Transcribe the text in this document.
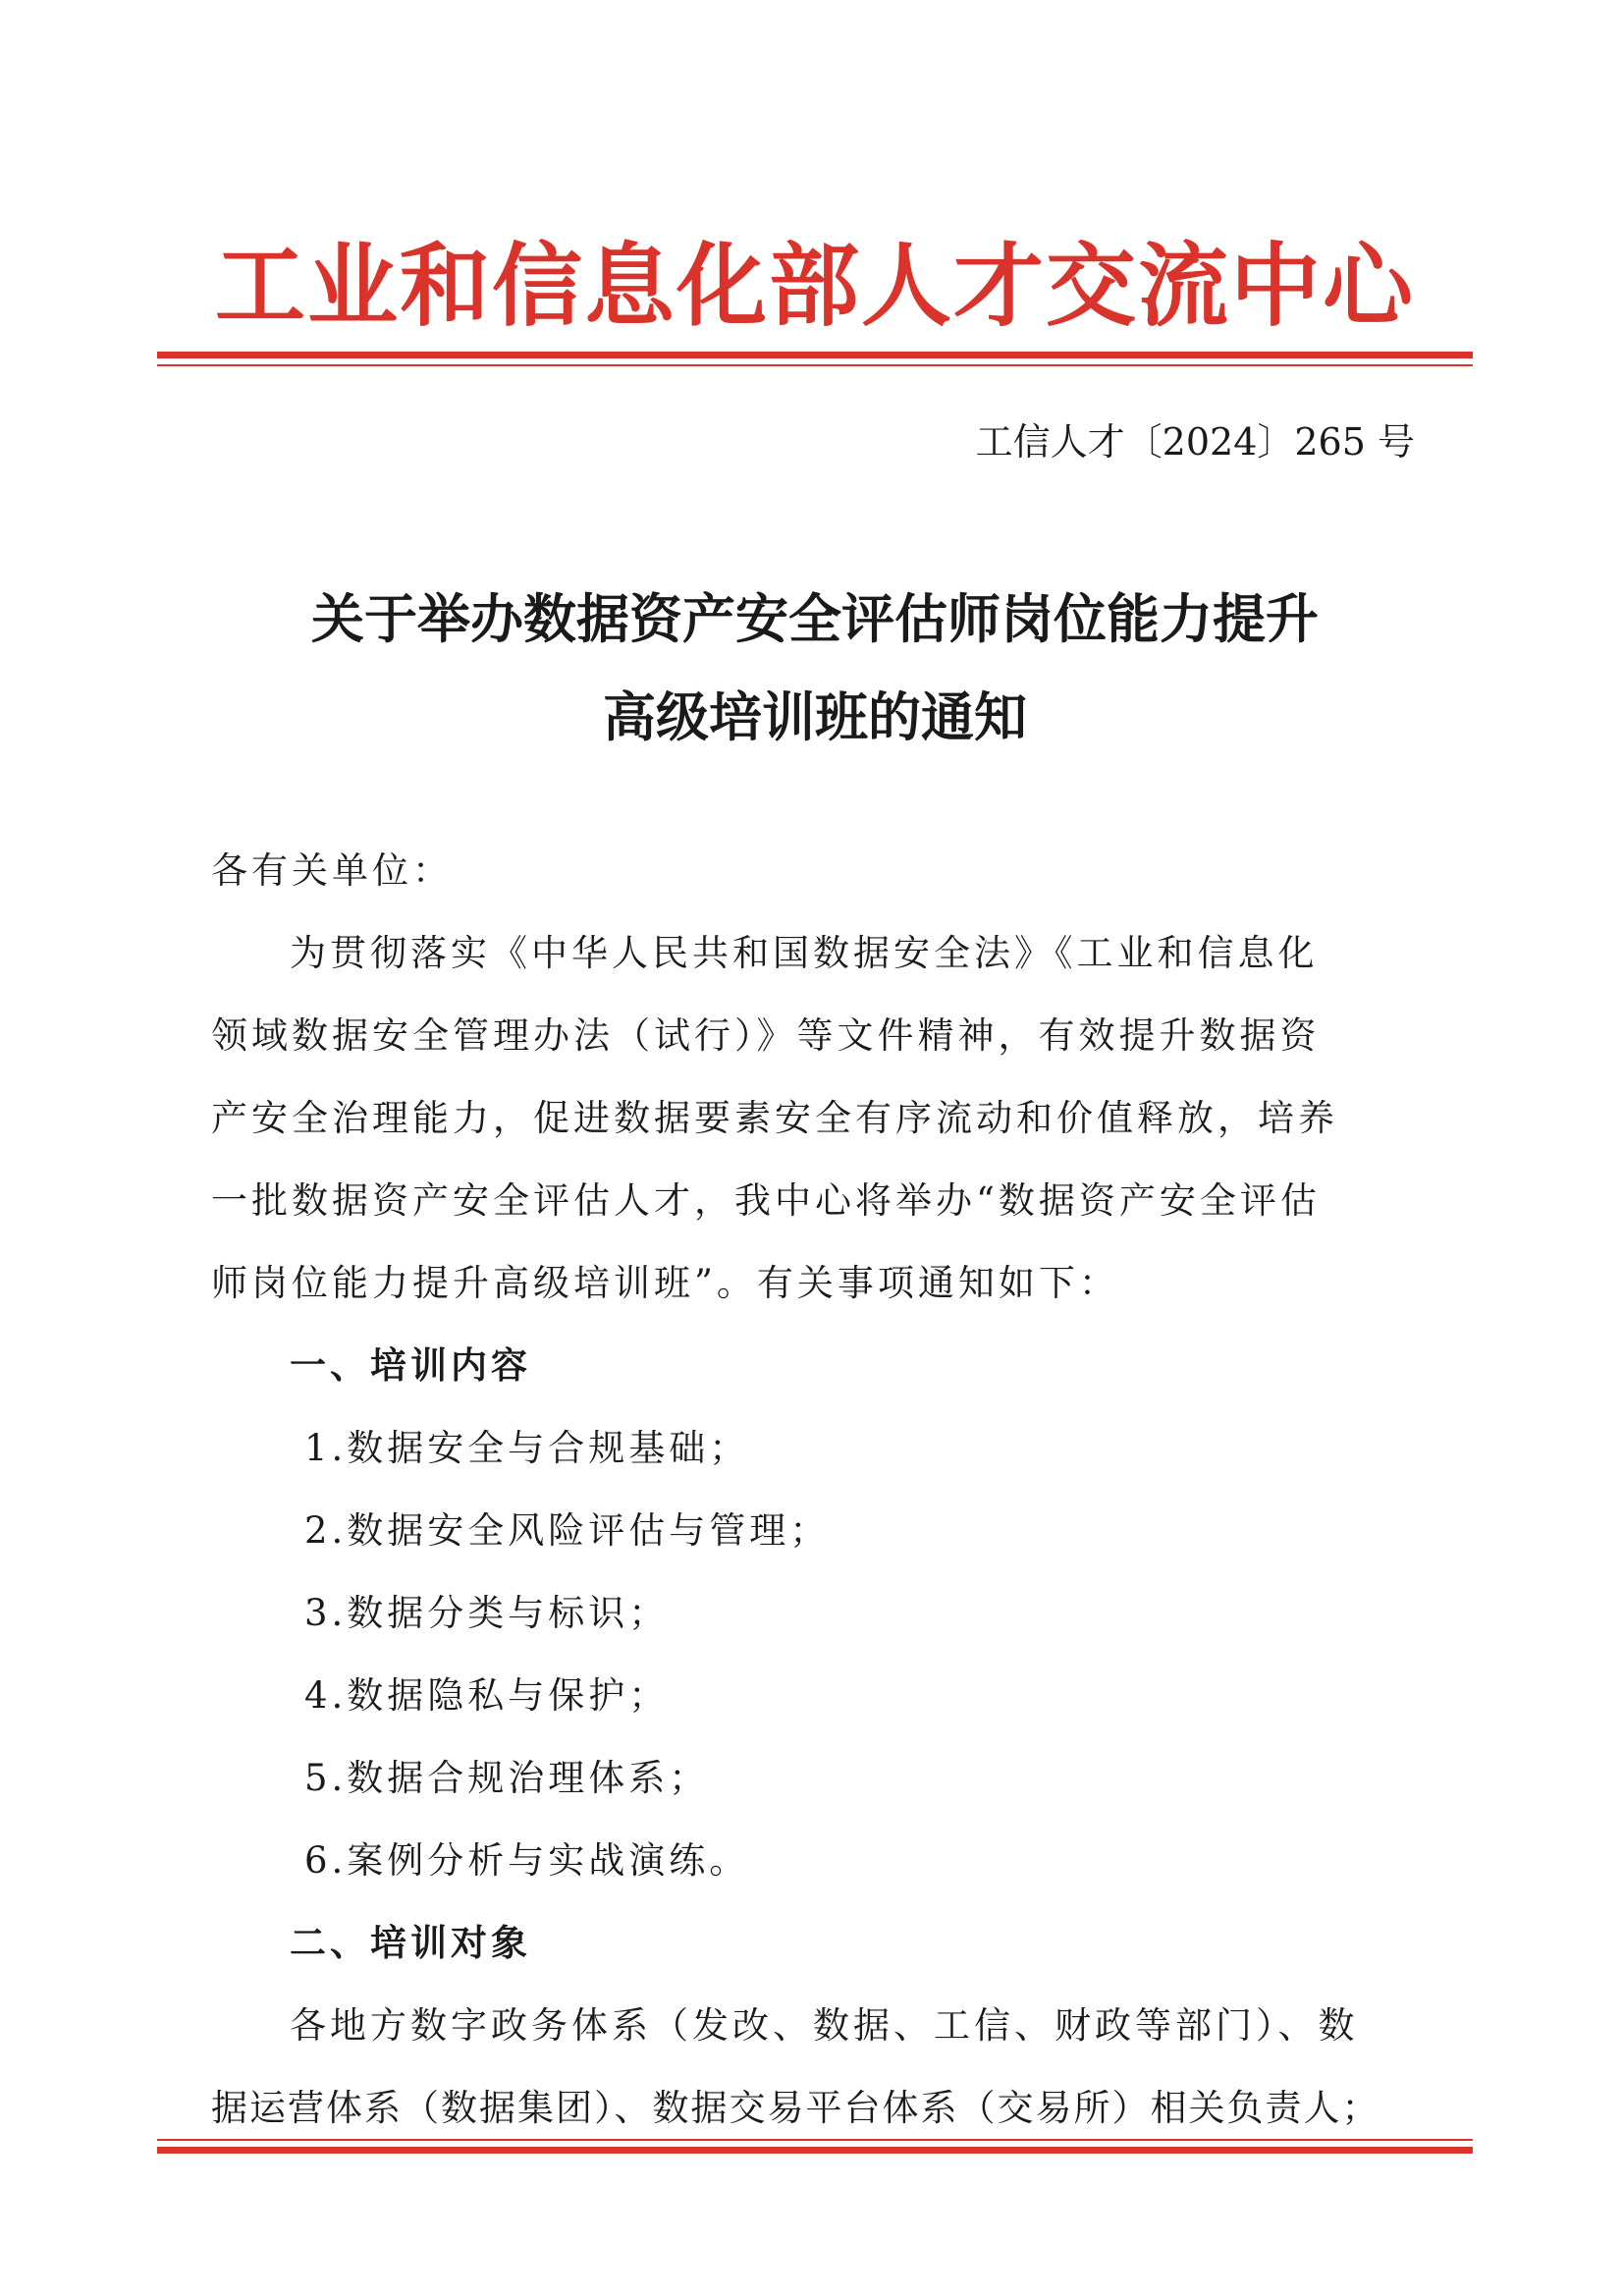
工业和信息化部人才交流中心
工信人才〔2024〕265 号
关于举办数据资产安全评估师岗位能力提升
高级培训班的通知
各有关单位：
为贯彻落实《中华人民共和国数据安全法》《工业和信息化
领域数据安全管理办法（试行）》等文件精神，有效提升数据资
产安全治理能力，促进数据要素安全有序流动和价值释放，培养
一批数据资产安全评估人才，我中心将举办“数据资产安全评估
师岗位能力提升高级培训班”。有关事项通知如下：
一、培训内容
1.数据安全与合规基础；
2.数据安全风险评估与管理；
3.数据分类与标识；
4.数据隐私与保护；
5.数据合规治理体系；
6.案例分析与实战演练。
二、培训对象
各地方数字政务体系（发改、数据、工信、财政等部门）、数
据运营体系（数据集团）、数据交易平台体系（交易所）相关负责人；
